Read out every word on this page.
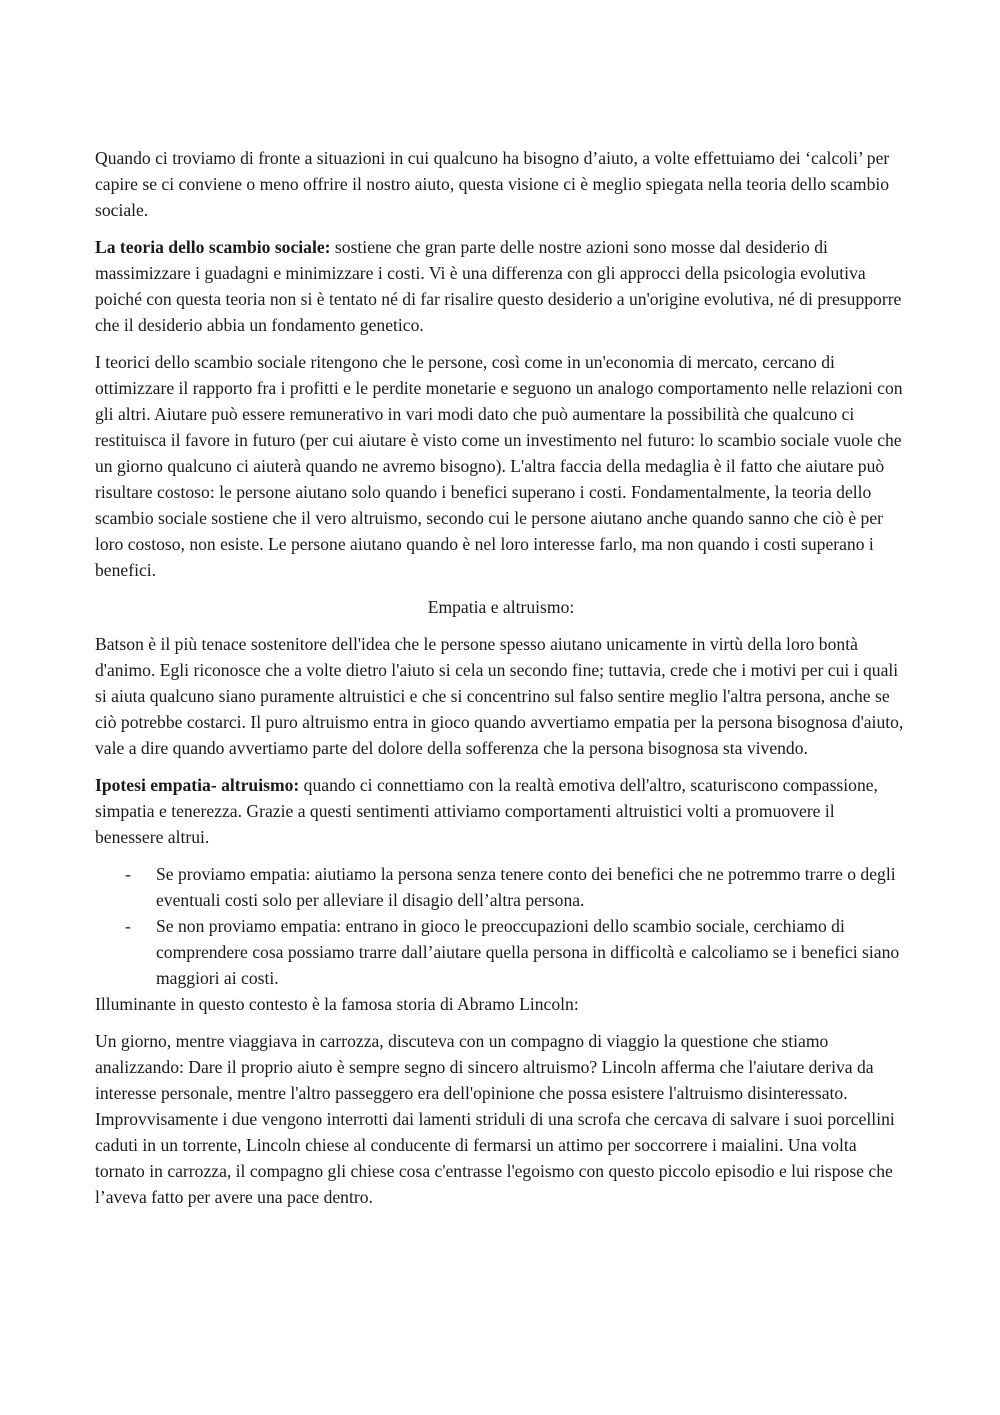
Quando ci troviamo di fronte a situazioni in cui qualcuno ha bisogno d’aiuto, a volte effettuiamo dei ‘calcoli’ per capire se ci conviene o meno offrire il nostro aiuto, questa visione ci è meglio spiegata nella teoria dello scambio sociale.

La teoria dello scambio sociale: sostiene che gran parte delle nostre azioni sono mosse dal desiderio di massimizzare i guadagni e minimizzare i costi. Vi è una differenza con gli approcci della psicologia evolutiva poiché con questa teoria non si è tentato né di far risalire questo desiderio a un'origine evolutiva, né di presupporre che il desiderio abbia un fondamento genetico.

I teorici dello scambio sociale ritengono che le persone, così come in un'economia di mercato, cercano di ottimizzare il rapporto fra i profitti e le perdite monetarie e seguono un analogo comportamento nelle relazioni con gli altri. Aiutare può essere remunerativo in vari modi dato che può aumentare la possibilità che qualcuno ci restituisca il favore in futuro (per cui aiutare è visto come un investimento nel futuro: lo scambio sociale vuole che un giorno qualcuno ci aiuterà quando ne avremo bisogno). L'altra faccia della medaglia è il fatto che aiutare può risultare costoso: le persone aiutano solo quando i benefici superano i costi. Fondamentalmente, la teoria dello scambio sociale sostiene che il vero altruismo, secondo cui le persone aiutano anche quando sanno che ciò è per loro costoso, non esiste. Le persone aiutano quando è nel loro interesse farlo, ma non quando i costi superano i benefici.

Empatia e altruismo:

Batson è il più tenace sostenitore dell'idea che le persone spesso aiutano unicamente in virtù della loro bontà d'animo. Egli riconosce che a volte dietro l'aiuto si cela un secondo fine; tuttavia, crede che i motivi per cui i quali si aiuta qualcuno siano puramente altruistici e che si concentrino sul falso sentire meglio l'altra persona, anche se ciò potrebbe costarci. Il puro altruismo entra in gioco quando avvertiamo empatia per la persona bisognosa d'aiuto, vale a dire quando avvertiamo parte del dolore della sofferenza che la persona bisognosa sta vivendo.

Ipotesi empatia- altruismo: quando ci connettiamo con la realtà emotiva dell'altro, scaturiscono compassione, simpatia e tenerezza. Grazie a questi sentimenti attiviamo comportamenti altruistici volti a promuovere il benessere altrui.

- Se proviamo empatia: aiutiamo la persona senza tenere conto dei benefici che ne potremmo trarre o degli eventuali costi solo per alleviare il disagio dell’altra persona.
- Se non proviamo empatia: entrano in gioco le preoccupazioni dello scambio sociale, cerchiamo di comprendere cosa possiamo trarre dall’aiutare quella persona in difficoltà e calcoliamo se i benefici siano maggiori ai costi.

Illuminante in questo contesto è la famosa storia di Abramo Lincoln:

Un giorno, mentre viaggiava in carrozza, discuteva con un compagno di viaggio la questione che stiamo analizzando: Dare il proprio aiuto è sempre segno di sincero altruismo? Lincoln afferma che l'aiutare deriva da interesse personale, mentre l'altro passeggero era dell'opinione che possa esistere l'altruismo disinteressato. Improvvisamente i due vengono interrotti dai lamenti striduli di una scrofa che cercava di salvare i suoi porcellini caduti in un torrente, Lincoln chiese al conducente di fermarsi un attimo per soccorrere i maialini. Una volta tornato in carrozza, il compagno gli chiese cosa c'entrasse l'egoismo con questo piccolo episodio e lui rispose che l’aveva fatto per avere una pace dentro.
